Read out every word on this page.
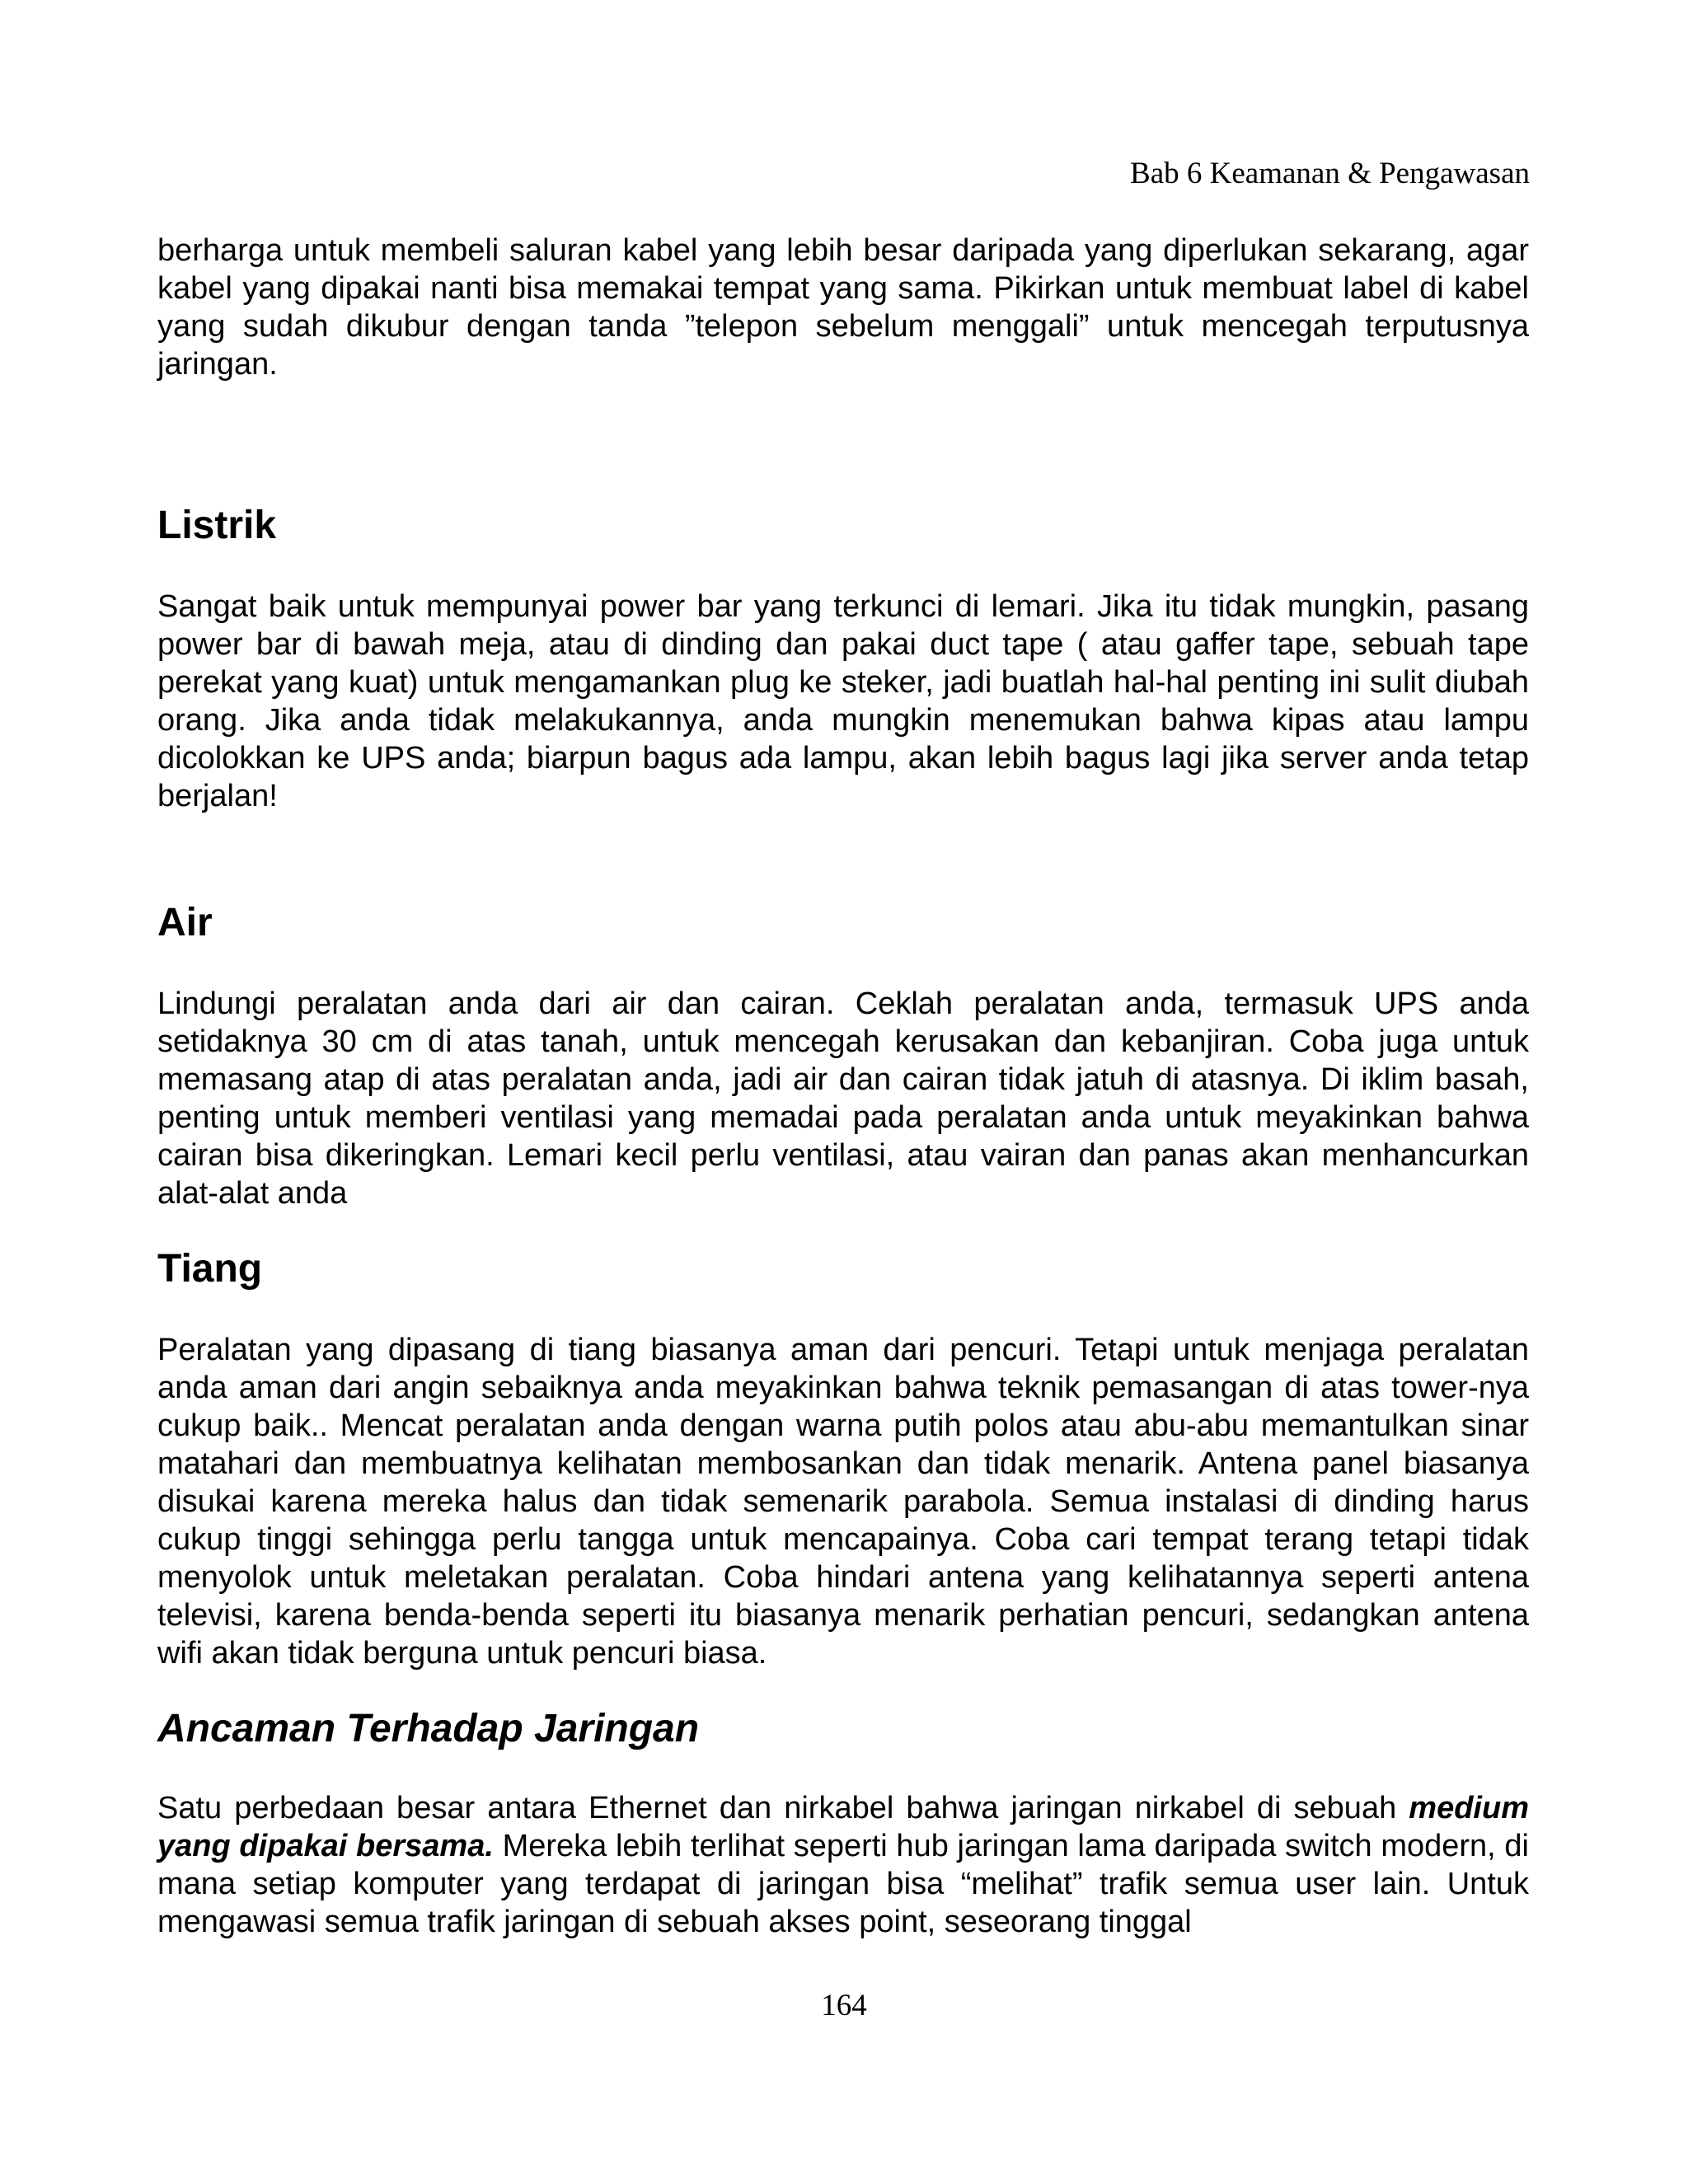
Bab 6 Keamanan & Pengawasan

berharga untuk membeli saluran kabel yang lebih besar daripada yang diperlukan sekarang, agar kabel yang dipakai nanti bisa memakai tempat yang sama. Pikirkan untuk membuat label di kabel yang sudah dikubur dengan tanda ”telepon sebelum menggali” untuk mencegah terputusnya jaringan.

Listrik

Sangat baik untuk mempunyai power bar yang terkunci di lemari. Jika itu tidak mungkin, pasang power bar di bawah meja, atau di dinding dan pakai duct tape ( atau gaffer tape, sebuah tape perekat yang kuat) untuk mengamankan plug ke steker, jadi buatlah hal-hal penting ini sulit diubah orang. Jika anda tidak melakukannya, anda mungkin menemukan bahwa kipas atau lampu dicolokkan ke UPS anda; biarpun bagus ada lampu, akan lebih bagus lagi jika server anda tetap berjalan!

Air

Lindungi peralatan anda dari air dan cairan. Ceklah peralatan anda, termasuk UPS anda setidaknya 30 cm di atas tanah, untuk mencegah kerusakan dan kebanjiran. Coba juga untuk memasang atap di atas peralatan anda, jadi air dan cairan tidak jatuh di atasnya. Di iklim basah, penting untuk memberi ventilasi yang memadai pada peralatan anda untuk meyakinkan bahwa cairan bisa dikeringkan. Lemari kecil perlu ventilasi, atau vairan dan panas akan menhancurkan alat-alat anda

Tiang

Peralatan yang dipasang di tiang biasanya aman dari pencuri. Tetapi untuk menjaga peralatan anda aman dari angin sebaiknya anda meyakinkan bahwa teknik pemasangan di atas tower-nya cukup baik.. Mencat peralatan anda dengan warna putih polos atau abu-abu memantulkan sinar matahari dan membuatnya kelihatan membosankan dan tidak menarik. Antena panel biasanya disukai karena mereka halus dan tidak semenarik parabola. Semua instalasi di dinding harus cukup tinggi sehingga perlu tangga untuk mencapainya. Coba cari tempat terang tetapi tidak menyolok untuk meletakan peralatan. Coba hindari antena yang kelihatannya seperti antena televisi, karena benda-benda seperti itu biasanya menarik perhatian pencuri, sedangkan antena wifi akan tidak berguna untuk pencuri biasa.

Ancaman Terhadap Jaringan

Satu perbedaan besar antara Ethernet dan nirkabel bahwa jaringan nirkabel di sebuah medium yang dipakai bersama. Mereka lebih terlihat seperti hub jaringan lama daripada switch modern, di mana setiap komputer yang terdapat di jaringan bisa “melihat” trafik semua user lain. Untuk mengawasi semua trafik jaringan di sebuah akses point, seseorang tinggal

164
